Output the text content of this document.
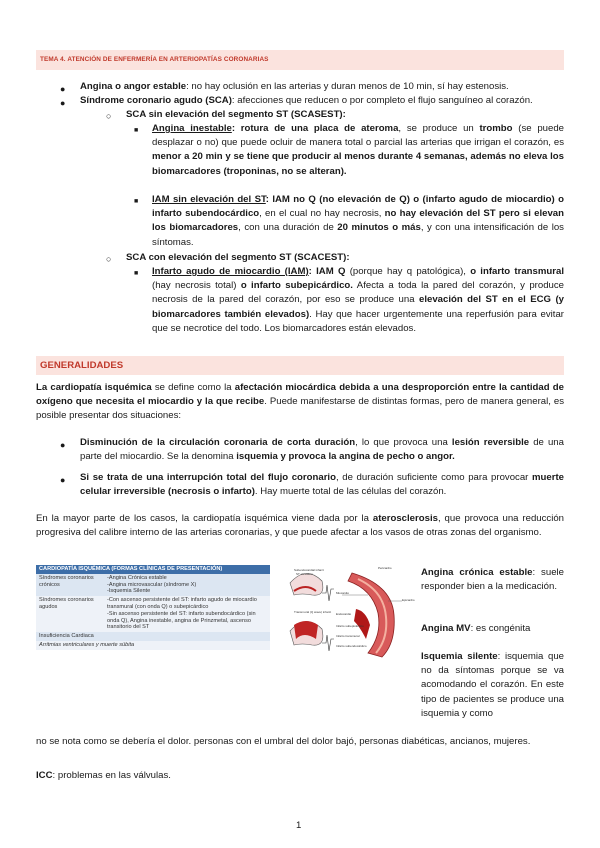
TEMA 4. ATENCIÓN DE ENFERMERÍA EN ARTERIOPATÍAS CORONARIAS
● Angina o angor estable: no hay oclusión en las arterias y duran menos de 10 min, sí hay estenosis.
● Síndrome coronario agudo (SCA): afecciones que reducen o por completo el flujo sanguíneo al corazón.
○ SCA sin elevación del segmento ST (SCASEST):
■ Angina inestable: rotura de una placa de ateroma, se produce un trombo (se puede desplazar o no) que puede ocluir de manera total o parcial las arterias que irrigan el corazón, es menor a 20 min y se tiene que producir al menos durante 4 semanas, además no eleva los biomarcadores (troponinas, no se alteran).
■ IAM sin elevación del ST: IAM no Q (no elevación de Q) o (infarto agudo de miocardio) o infarto subendocárdico, en el cual no hay necrosis, no hay elevación del ST pero si elevan los biomarcadores, con una duración de 20 minutos o más, y con una intensificación de los síntomas.
○ SCA con elevación del segmento ST (SCACEST):
■ Infarto agudo de miocardio (IAM): IAM Q (porque hay q patológica), o infarto transmural (hay necrosis total) o infarto subepicárdico. Afecta a toda la pared del corazón, y produce necrosis de la pared del corazón, por eso se produce una elevación del ST en el ECG (y biomarcadores también elevados). Hay que hacer urgentemente una reperfusión para evitar que se necrotice del todo. Los biomarcadores están elevados.
GENERALIDADES
La cardiopatía isquémica se define como la afectación miocárdica debida a una desproporción entre la cantidad de oxígeno que necesita el miocardio y la que recibe. Puede manifestarse de distintas formas, pero de manera general, es posible presentar dos situaciones:
● Disminución de la circulación coronaria de corta duración, lo que provoca una lesión reversible de una parte del miocardio. Se la denomina isquemia y provoca la angina de pecho o angor.
● Si se trata de una interrupción total del flujo coronario, de duración suficiente como para provocar muerte celular irreversible (necrosis o infarto). Hay muerte total de las células del corazón.
En la mayor parte de los casos, la cardiopatía isquémica viene dada por la aterosclerosis, que provoca una reducción progresiva del calibre interno de las arterias coronarias, y que puede afectar a los vasos de otras zonas del organismo.
CARDIOPATÍA ISQUÉMICA (FORMAS CLÍNICAS DE PRESENTACIÓN)	
Síndromes coronarios crónicos	-Angina Crónica estable
-Angina microvascular (síndrome X)
-Isquemia Silente
Síndromes coronarios agudos	-Con ascenso persistente del ST: infarto agudo de miocardio transmural (con onda Q) o subepicárdico
-Sin ascenso persistente del ST: infarto subendocárdico (sin onda Q), Angina inestable, angina de Prinzmetal, ascenso transitorio del ST
Insuficiencia Cardiaca	
Arritmias ventriculares y muerte súbita	
Subendocardial infarct
ST elevation
Transmural (Q wave) infarct
Pericardio
Epicardio
Miocardio
Endocardio
Infarto subepicárdico
Infarto transmural
Infarto subendocárdico
Angina crónica estable: suele responder bien a la medicación.
Angina MV: es congénita
Isquemia silente: isquemia que no da síntomas porque se va acomodando el corazón. En este tipo de pacientes se produce una isquemia y como
no se nota como se debería el dolor. personas con el umbral del dolor bajó, personas diabéticas, ancianos, mujeres.
ICC: problemas en las válvulas.
1
